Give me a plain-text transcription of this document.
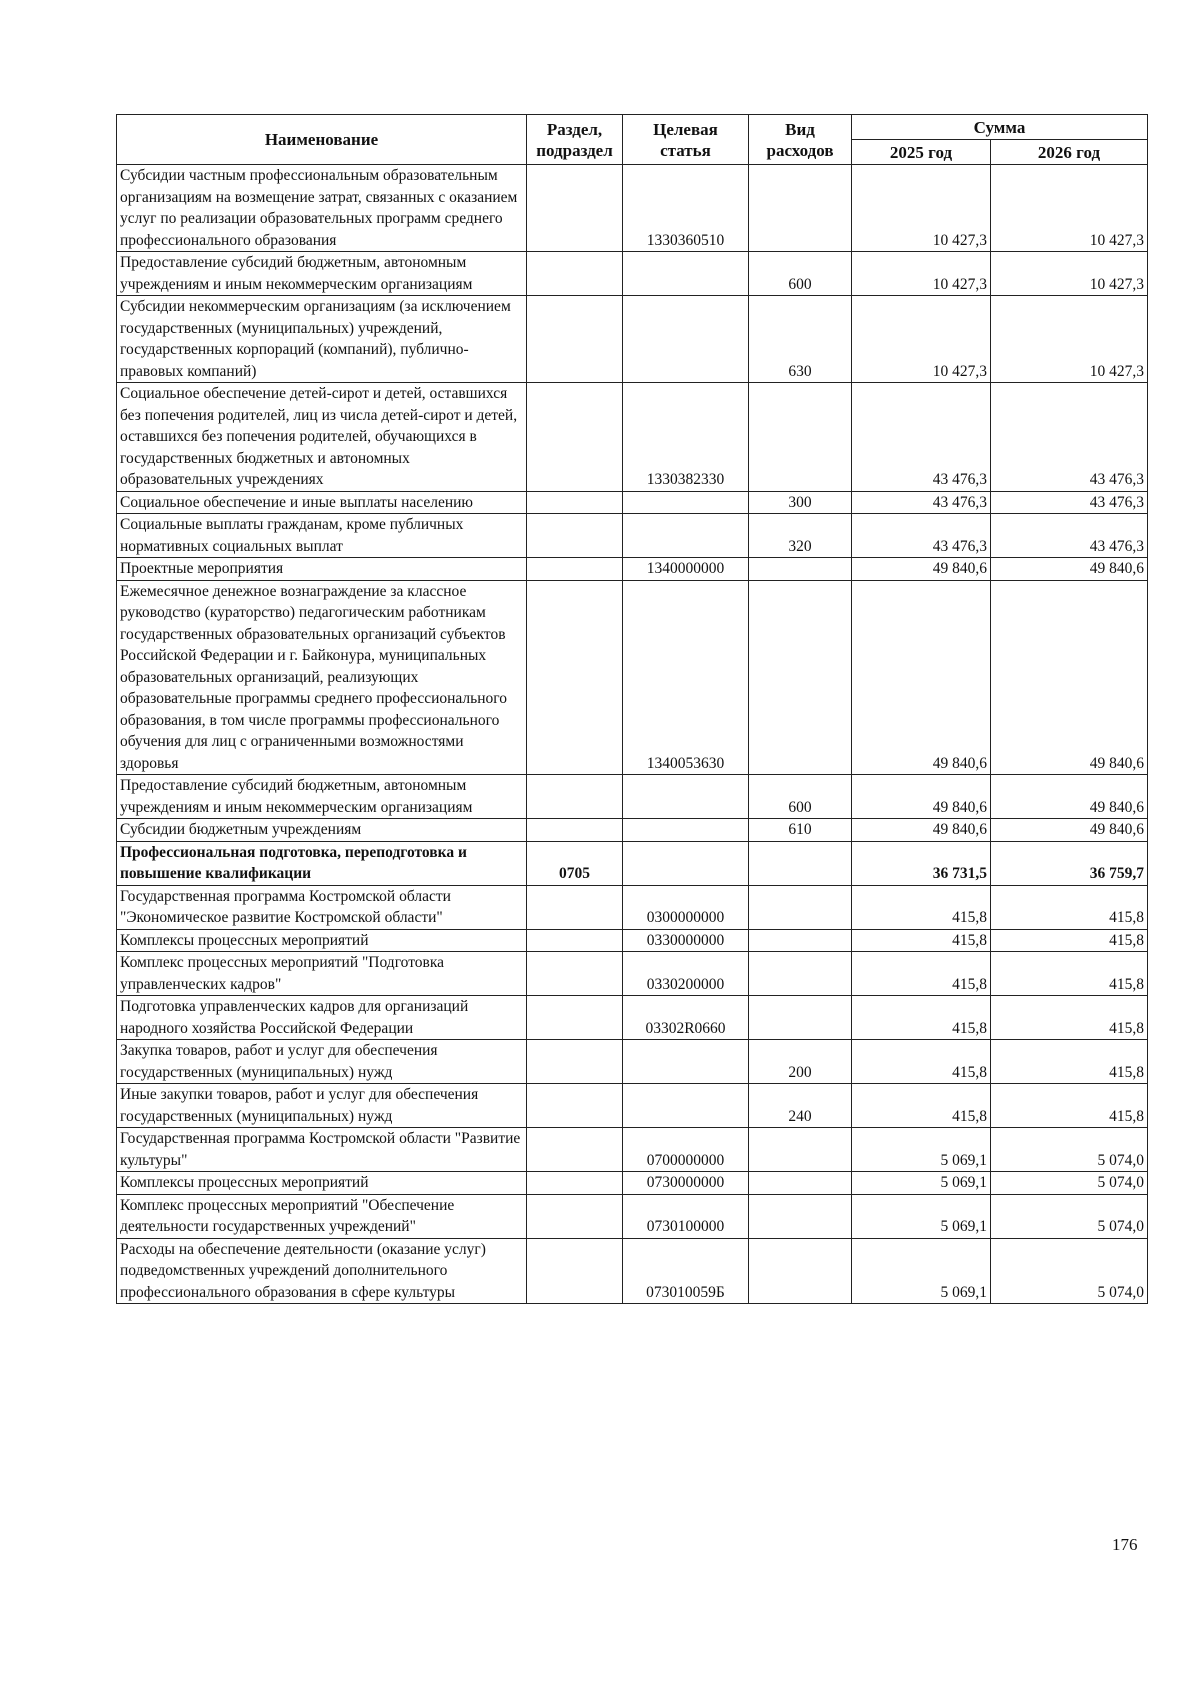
Наименование	Раздел, подраздел	Целевая статья	Вид расходов	Сумма	
				2025 год	2026 год
Субсидии частным профессиональным образовательным организациям на возмещение затрат, связанных с оказанием услуг по реализации образовательных программ среднего профессионального образования		1330360510		10 427,3	10 427,3
Предоставление субсидий бюджетным, автономным учреждениям и иным некоммерческим организациям			600	10 427,3	10 427,3
Субсидии некоммерческим организациям (за исключением государственных (муниципальных) учреждений, государственных корпораций (компаний), публично-правовых компаний)			630	10 427,3	10 427,3
Социальное обеспечение детей-сирот и детей, оставшихся без попечения родителей, лиц из числа детей-сирот и детей, оставшихся без попечения родителей, обучающихся в государственных бюджетных и автономных образовательных учреждениях		1330382330		43 476,3	43 476,3
Социальное обеспечение и иные выплаты населению			300	43 476,3	43 476,3
Социальные выплаты гражданам, кроме публичных нормативных социальных выплат			320	43 476,3	43 476,3
Проектные мероприятия		1340000000		49 840,6	49 840,6
Ежемесячное денежное вознаграждение за классное руководство (кураторство) педагогическим работникам государственных образовательных организаций субъектов Российской Федерации и г. Байконура, муниципальных образовательных организаций, реализующих образовательные программы среднего профессионального образования, в том числе программы профессионального обучения для лиц с ограниченными возможностями здоровья		1340053630		49 840,6	49 840,6
Предоставление субсидий бюджетным, автономным учреждениям и иным некоммерческим организациям			600	49 840,6	49 840,6
Субсидии бюджетным учреждениям			610	49 840,6	49 840,6
Профессиональная подготовка, переподготовка и повышение квалификации	0705			36 731,5	36 759,7
Государственная программа Костромской области "Экономическое развитие Костромской области"		0300000000		415,8	415,8
Комплексы процессных мероприятий		0330000000		415,8	415,8
Комплекс процессных мероприятий "Подготовка управленческих кадров"		0330200000		415,8	415,8
Подготовка управленческих кадров для организаций народного хозяйства Российской Федерации		03302R0660		415,8	415,8
Закупка товаров, работ и услуг для обеспечения государственных (муниципальных) нужд			200	415,8	415,8
Иные закупки товаров, работ и услуг для обеспечения государственных (муниципальных) нужд			240	415,8	415,8
Государственная программа Костромской области "Развитие культуры"		0700000000		5 069,1	5 074,0
Комплексы процессных мероприятий		0730000000		5 069,1	5 074,0
Комплекс процессных мероприятий "Обеспечение деятельности государственных учреждений"		0730100000		5 069,1	5 074,0
Расходы на обеспечение деятельности (оказание услуг) подведомственных учреждений дополнительного профессионального образования в сфере культуры		073010059Б		5 069,1	5 074,0
176
